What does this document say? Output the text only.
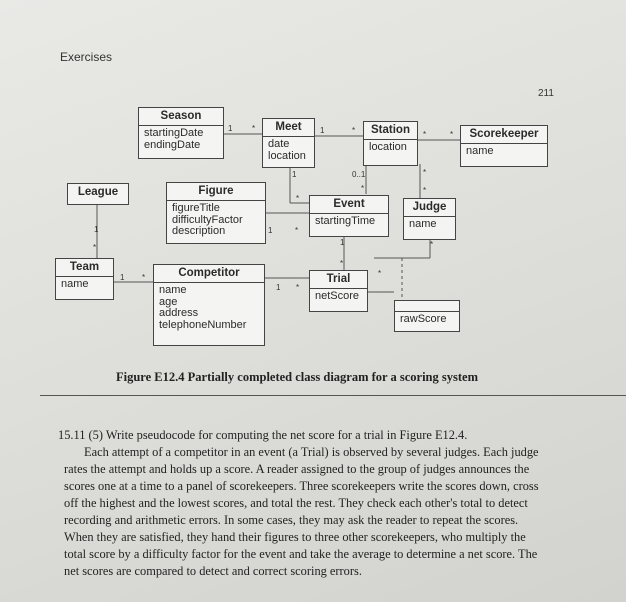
Exercises
211
Season
startingDate
endingDate
Meet
date
location
Station
location
Scorekeeper
name
League	Figure
figureTitle
difficultyFactor
description
Event
startingTime
Judge
name
Team
name
Competitor
name
age
address
telephoneNumber
Trial
netScore
rawScore
1 *	1	*	*	*
0..1
*
1
*
*
*
*
1
*
1	*
1
*
1 *
1 *
*
Figure E12.4 Partially completed class diagram for a scoring system
15.11 (5) Write pseudocode for computing the net score for a trial in Figure E12.4.
Each attempt of a competitor in an event (a Trial) is observed by several judges. Each judge
rates the attempt and holds up a score. A reader assigned to the group of judges announces the
scores one at a time to a panel of scorekeepers. Three scorekeepers write the scores down, cross
off the highest and the lowest scores, and total the rest. They check each other's total to detect
recording and arithmetic errors. In some cases, they may ask the reader to repeat the scores.
When they are satisfied, they hand their figures to three other scorekeepers, who multiply the
total score by a difficulty factor for the event and take the average to determine a net score. The
net scores are compared to detect and correct scoring errors.
